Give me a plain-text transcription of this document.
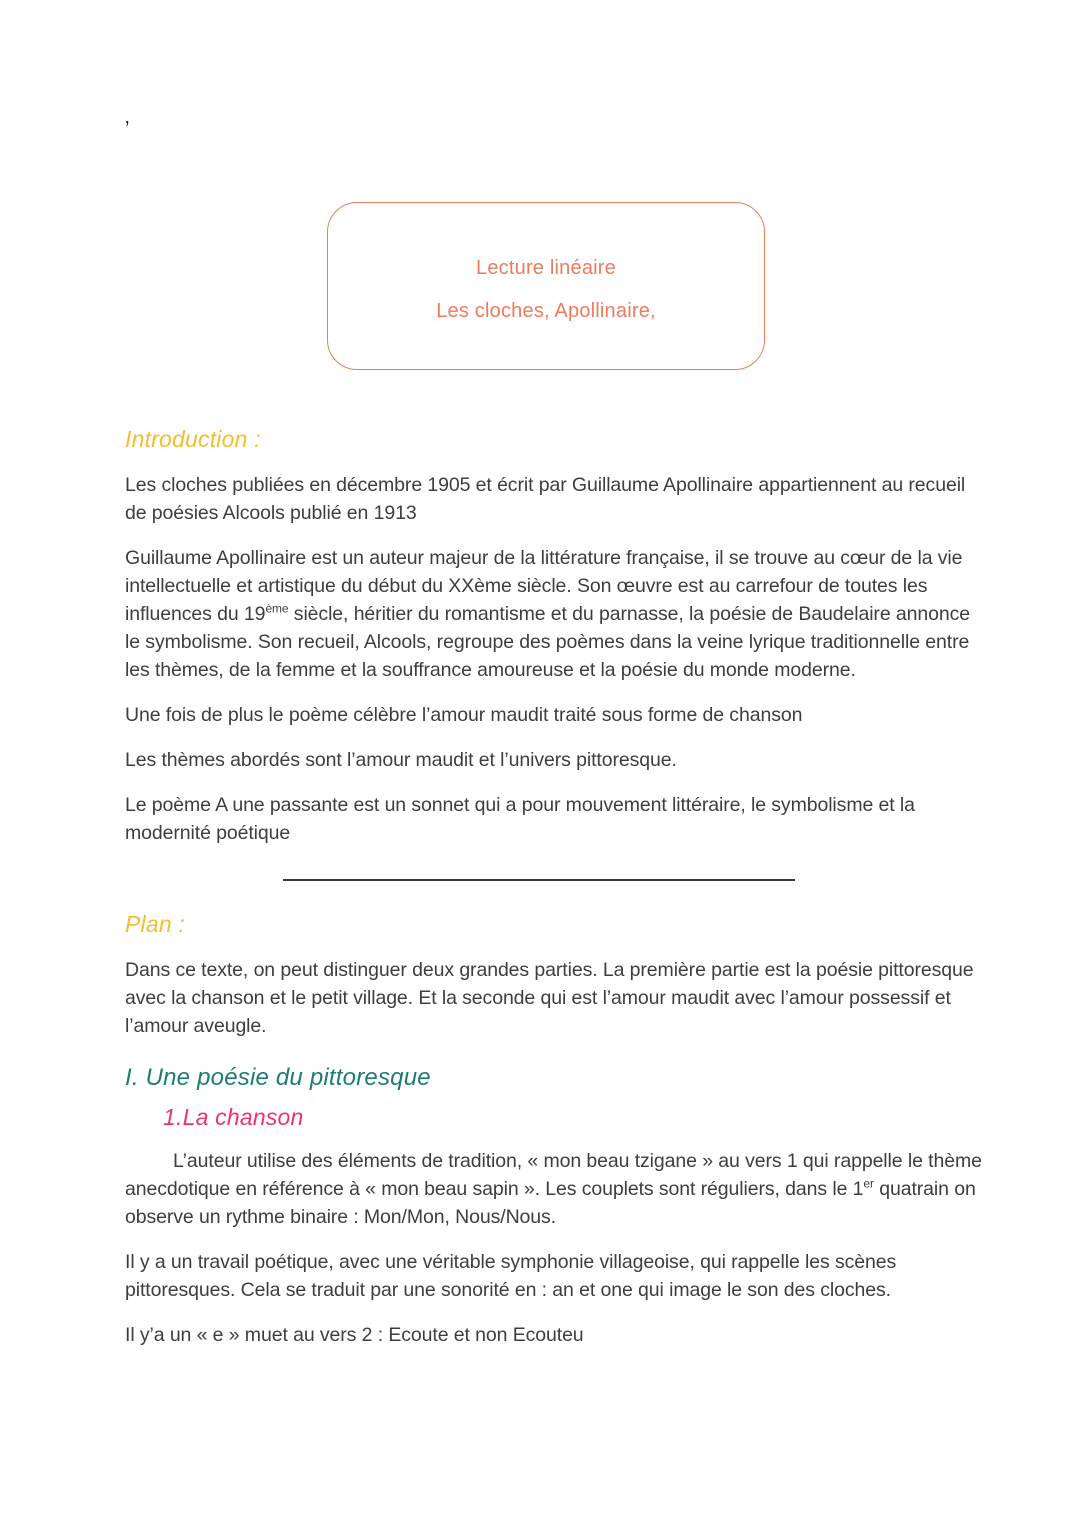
’

Lecture linéaire

Les cloches, Apollinaire,

Introduction :

Les cloches publiées en décembre 1905 et écrit par Guillaume Apollinaire appartiennent au recueil de poésies Alcools publié en 1913

Guillaume Apollinaire est un auteur majeur de la littérature française, il se trouve au cœur de la vie intellectuelle et artistique du début du XXème siècle. Son œuvre est au carrefour de toutes les influences du 19ème siècle, héritier du romantisme et du parnasse, la poésie de Baudelaire annonce le symbolisme. Son recueil, Alcools, regroupe des poèmes dans la veine lyrique traditionnelle entre les thèmes, de la femme et la souffrance amoureuse et la poésie du monde moderne.

Une fois de plus le poème célèbre l’amour maudit traité sous forme de chanson

Les thèmes abordés sont l’amour maudit et l’univers pittoresque.

Le poème A une passante est un sonnet qui a pour mouvement littéraire, le symbolisme et la modernité poétique

Plan :

Dans ce texte, on peut distinguer deux grandes parties. La première partie est la poésie pittoresque avec la chanson et le petit village. Et la seconde qui est l’amour maudit avec l’amour possessif et l’amour aveugle.

I. Une poésie du pittoresque
1.La chanson

L’auteur utilise des éléments de tradition, « mon beau tzigane » au vers 1 qui rappelle le thème anecdotique en référence à « mon beau sapin ». Les couplets sont réguliers, dans le 1er quatrain on observe un rythme binaire : Mon/Mon, Nous/Nous.

Il y a un travail poétique, avec une véritable symphonie villageoise, qui rappelle les scènes pittoresques. Cela se traduit par une sonorité en : an et one qui image le son des cloches.

Il y’a un « e » muet au vers 2 : Ecoute et non Ecouteu
